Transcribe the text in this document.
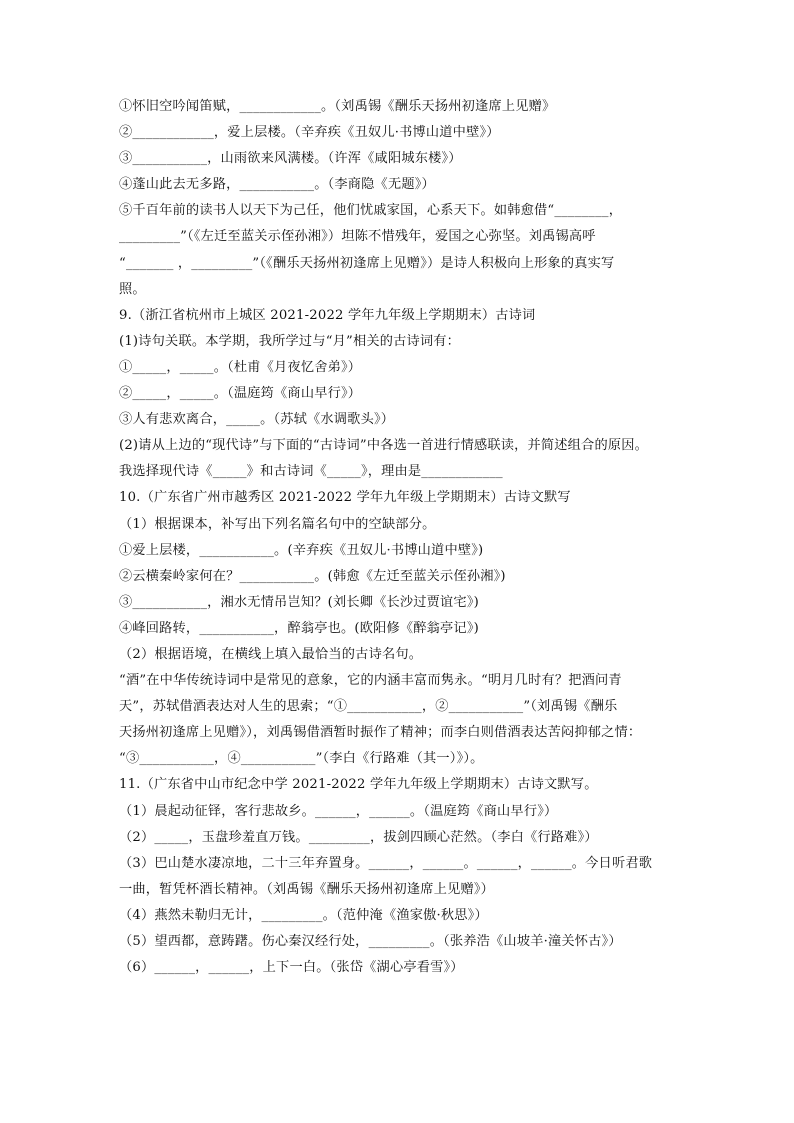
①怀旧空吟闻笛赋，____________。（刘禹锡《酬乐天扬州初逢席上见赠》
②____________，爱上层楼。（辛弃疾《丑奴儿·书博山道中壁》）
③___________，山雨欲来风满楼。（许浑《咸阳城东楼》）
④蓬山此去无多路，___________。（李商隐《无题》）
⑤千百年前的读书人以天下为己任，他们忧戚家国，心系天下。如韩愈借“________，
_________”（《左迁至蓝关示侄孙湘》）坦陈不惜残年，爱国之心弥坚。刘禹锡高呼
“_______ ，_________”（《酬乐天扬州初逢席上见赠》）是诗人积极向上形象的真实写
照。
9.（浙江省杭州市上城区 2021-2022 学年九年级上学期期末）古诗词
(1)诗句关联。本学期，我所学过与“月”相关的古诗词有：
①_____，_____。（杜甫《月夜忆舍弟》）
②_____，_____。（温庭筠《商山早行》）
③人有悲欢离合，_____。（苏轼《水调歌头》）
(2)请从上边的“现代诗”与下面的“古诗词”中各选一首进行情感联读，并简述组合的原因。
我选择现代诗《_____》和古诗词《_____》，理由是____________
10.（广东省广州市越秀区 2021-2022 学年九年级上学期期末）古诗文默写
（1）根据课本，补写出下列名篇名句中的空缺部分。
①爱上层楼，___________。(辛弃疾《丑奴儿·书博山道中壁》)
②云横秦岭家何在？___________。(韩愈《左迁至蓝关示侄孙湘》)
③___________，湘水无情吊岂知？(刘长卿《长沙过贾谊宅》)
④峰回路转，___________，醉翁亭也。(欧阳修《醉翁亭记》)
（2）根据语境，在横线上填入最恰当的古诗名句。
“酒”在中华传统诗词中是常见的意象，它的内涵丰富而隽永。“明月几时有？把酒问青
天”，苏轼借酒表达对人生的思索；“①___________，②___________”（刘禹锡《酬乐
天扬州初逢席上见赠》），刘禹锡借酒暂时振作了精神；而李白则借酒表达苦闷抑郁之情：
“③___________，④___________”（李白《行路难（其一）》）。
11.（广东省中山市纪念中学 2021-2022 学年九年级上学期期末）古诗文默写。
（1）晨起动征铎，客行悲故乡。______，______。（温庭筠《商山早行》）
（2）_____，玉盘珍羞直万钱。_________，拔剑四顾心茫然。（李白《行路难》）
（3）巴山楚水凄凉地，二十三年弃置身。______，______。______，______。今日听君歌
一曲，暂凭杯酒长精神。（刘禹锡《酬乐天扬州初逢席上见赠》）
（4）燕然未勒归无计，_________。（范仲淹《渔家傲·秋思》）
（5）望西都，意踌躇。伤心秦汉经行处，_________。（张养浩《山坡羊·潼关怀古》）
（6）______，______，上下一白。（张岱《湖心亭看雪》）
